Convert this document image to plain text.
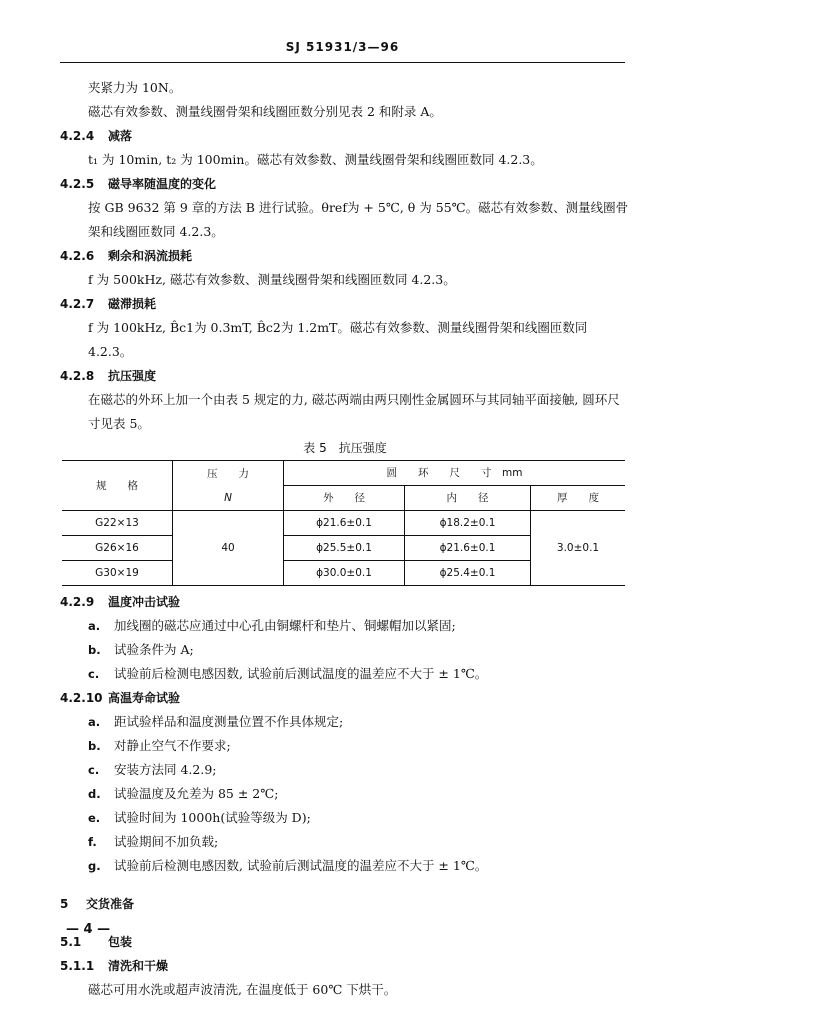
SJ 51931/3—96
夹紧力为 10N。
磁芯有效参数、测量线圈骨架和线圈匝数分别见表 2 和附录 A。
4.2.4 减落
t₁ 为 10min, t₂ 为 100min。磁芯有效参数、测量线圈骨架和线圈匝数同 4.2.3。
4.2.5 磁导率随温度的变化
按 GB 9632 第 9 章的方法 B 进行试验。θref为 + 5℃, θ 为 55℃。磁芯有效参数、测量线圈骨架和线圈匝数同 4.2.3。
4.2.6 剩余和涡流损耗
f 为 500kHz, 磁芯有效参数、测量线圈骨架和线圈匝数同 4.2.3。
4.2.7 磁滞损耗
f 为 100kHz, B̂c1为 0.3mT, B̂c2为 1.2mT。磁芯有效参数、测量线圈骨架和线圈匝数同 4.2.3。
4.2.8 抗压强度
在磁芯的外环上加一个由表 5 规定的力, 磁芯两端由两只刚性金属圆环与其同轴平面接触, 圆环尺寸见表 5。
表 5　抗压强度
规　　格	压　　力
N	圆　　环　　尺　　寸　mm		
		外　　径	内　　径	厚　　度
G22×13	40	ϕ21.6±0.1	ϕ18.2±0.1	3.0±0.1
G26×16		ϕ25.5±0.1	ϕ21.6±0.1	
G30×19		ϕ30.0±0.1	ϕ25.4±0.1	
4.2.9 温度冲击试验
a. 加线圈的磁芯应通过中心孔由铜螺杆和垫片、铜螺帽加以紧固;
b. 试验条件为 A;
c. 试验前后检测电感因数, 试验前后测试温度的温差应不大于 ± 1℃。
4.2.10 高温寿命试验
a. 距试验样品和温度测量位置不作具体规定;
b. 对静止空气不作要求;
c. 安装方法同 4.2.9;
d. 试验温度及允差为 85 ± 2℃;
e. 试验时间为 1000h(试验等级为 D);
f. 试验期间不加负载;
g. 试验前后检测电感因数, 试验前后测试温度的温差应不大于 ± 1℃。
5 交货准备
5.1 包装
5.1.1 清洗和干燥
磁芯可用水洗或超声波清洗, 在温度低于 60℃ 下烘干。
— 4 —
